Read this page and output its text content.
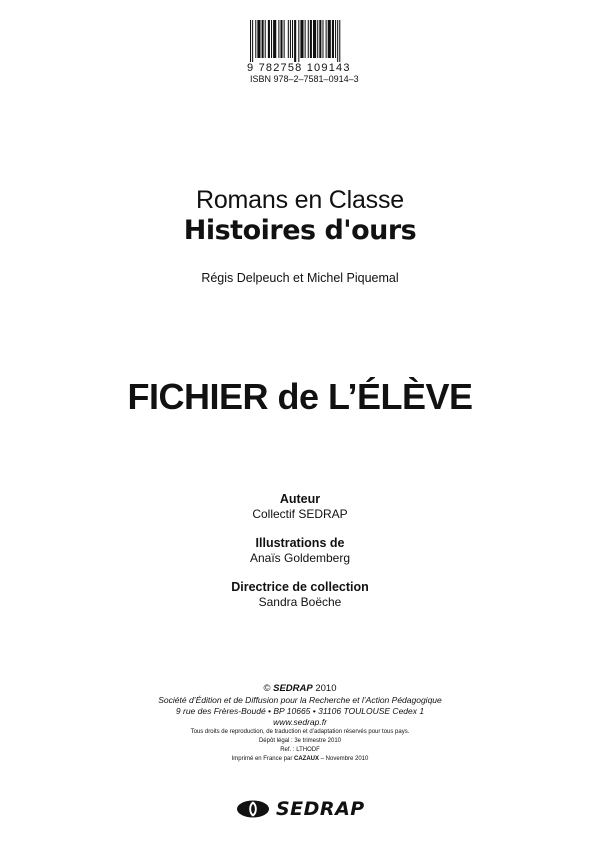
9 782758 109143
ISBN 978–2–7581–0914–3
Romans en Classe
Histoires d'ours
Régis Delpeuch et Michel Piquemal
FICHIER de L’ÉLÈVE
Auteur
Collectif SEDRAP
Illustrations de
Anaïs Goldemberg
Directrice de collection
Sandra Boëche
© SEDRAP 2010
Société d’Édition et de Diffusion pour la Recherche et l’Action Pédagogique
9 rue des Frères-Boudé • BP 10665 • 31106 TOULOUSE Cedex 1
www.sedrap.fr
Tous droits de reproduction, de traduction et d’adaptation réservés pour tous pays.
Dépôt légal : 3e trimestre 2010
Ref. : LTHODF
Imprimé en France par CAZAUX – Novembre 2010
SEDRAP
